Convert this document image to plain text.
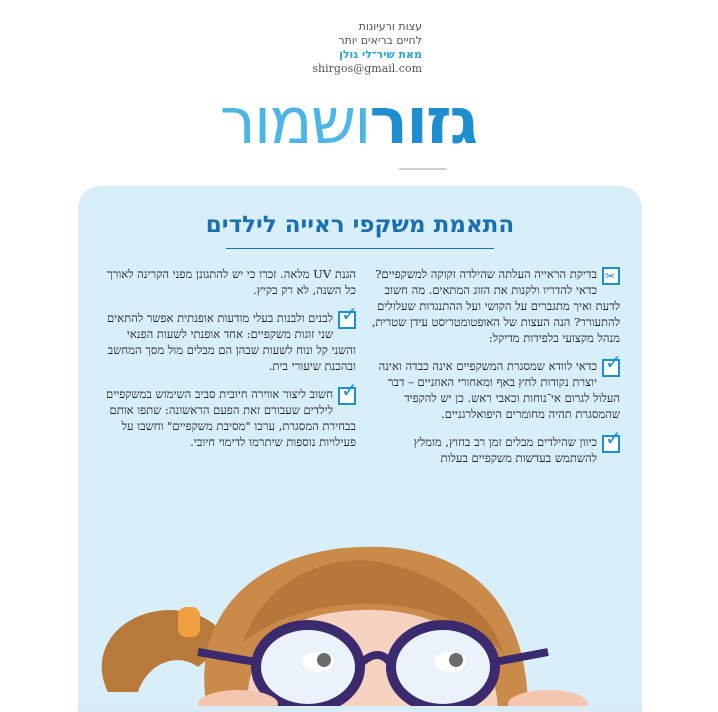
עצות ורעיונות
לחיים בריאים יותר
מאת שיר־לי גולן
shirgos@gmail.com
גזורושמור
התאמת משקפי ראייה לילדים
✂

בדיקת הראייה העלתה שהילדה זקוקה למשקפיים? כדאי להדריו ולקנות את הזוג המתאים. מה חשוב לדעת ואיך מתגברים על הקושי ועל ההתנגדות שעלולים להתעורר? הנה העצות של האופטומטריסט עידן שטרית, מנהל מקצועי בלפידות מדיקל:

✓

כדאי לוודא שמסגרת המשקפיים אינה כבדה ואינה יוצרת נקודות לחץ באף ומאחורי האוזניים – דבר העלול לגרום אי־נוחות וכאבי ראש. כן יש להקפיד שהמסגרת תהיה מחומרים היפואלרגניים.

✓

כיוון שהילדים מבלים זמן רב בחוץ, מומלץ להשתמש בעדשות משקפיים בעלות

הגנת UV מלאה. זכרו כי יש להתגונן מפני הקרינה לאורך כל השנה, לא רק בקיץ.

✓

לבנים ולבנות בעלי מודעות אופנתית אפשר להתאים שני זוגות משקפיים: אחד אופנתי לשעות הפנאי והשני קל ונוח לשעות שבהן הם מבלים מול מסך המחשב ובהכנת שיעורי בית.

✓

חשוב ליצור אווירה חיובית סביב השימוש במשקפיים לילדים שעבורם זאת הפעם הראשונה: שתפו אותם בבחירת המסגרת, ערכו "מסיבת משקפיים" וחשבו על פעילויות נוספות שיתרמו לדימוי חיובי.
